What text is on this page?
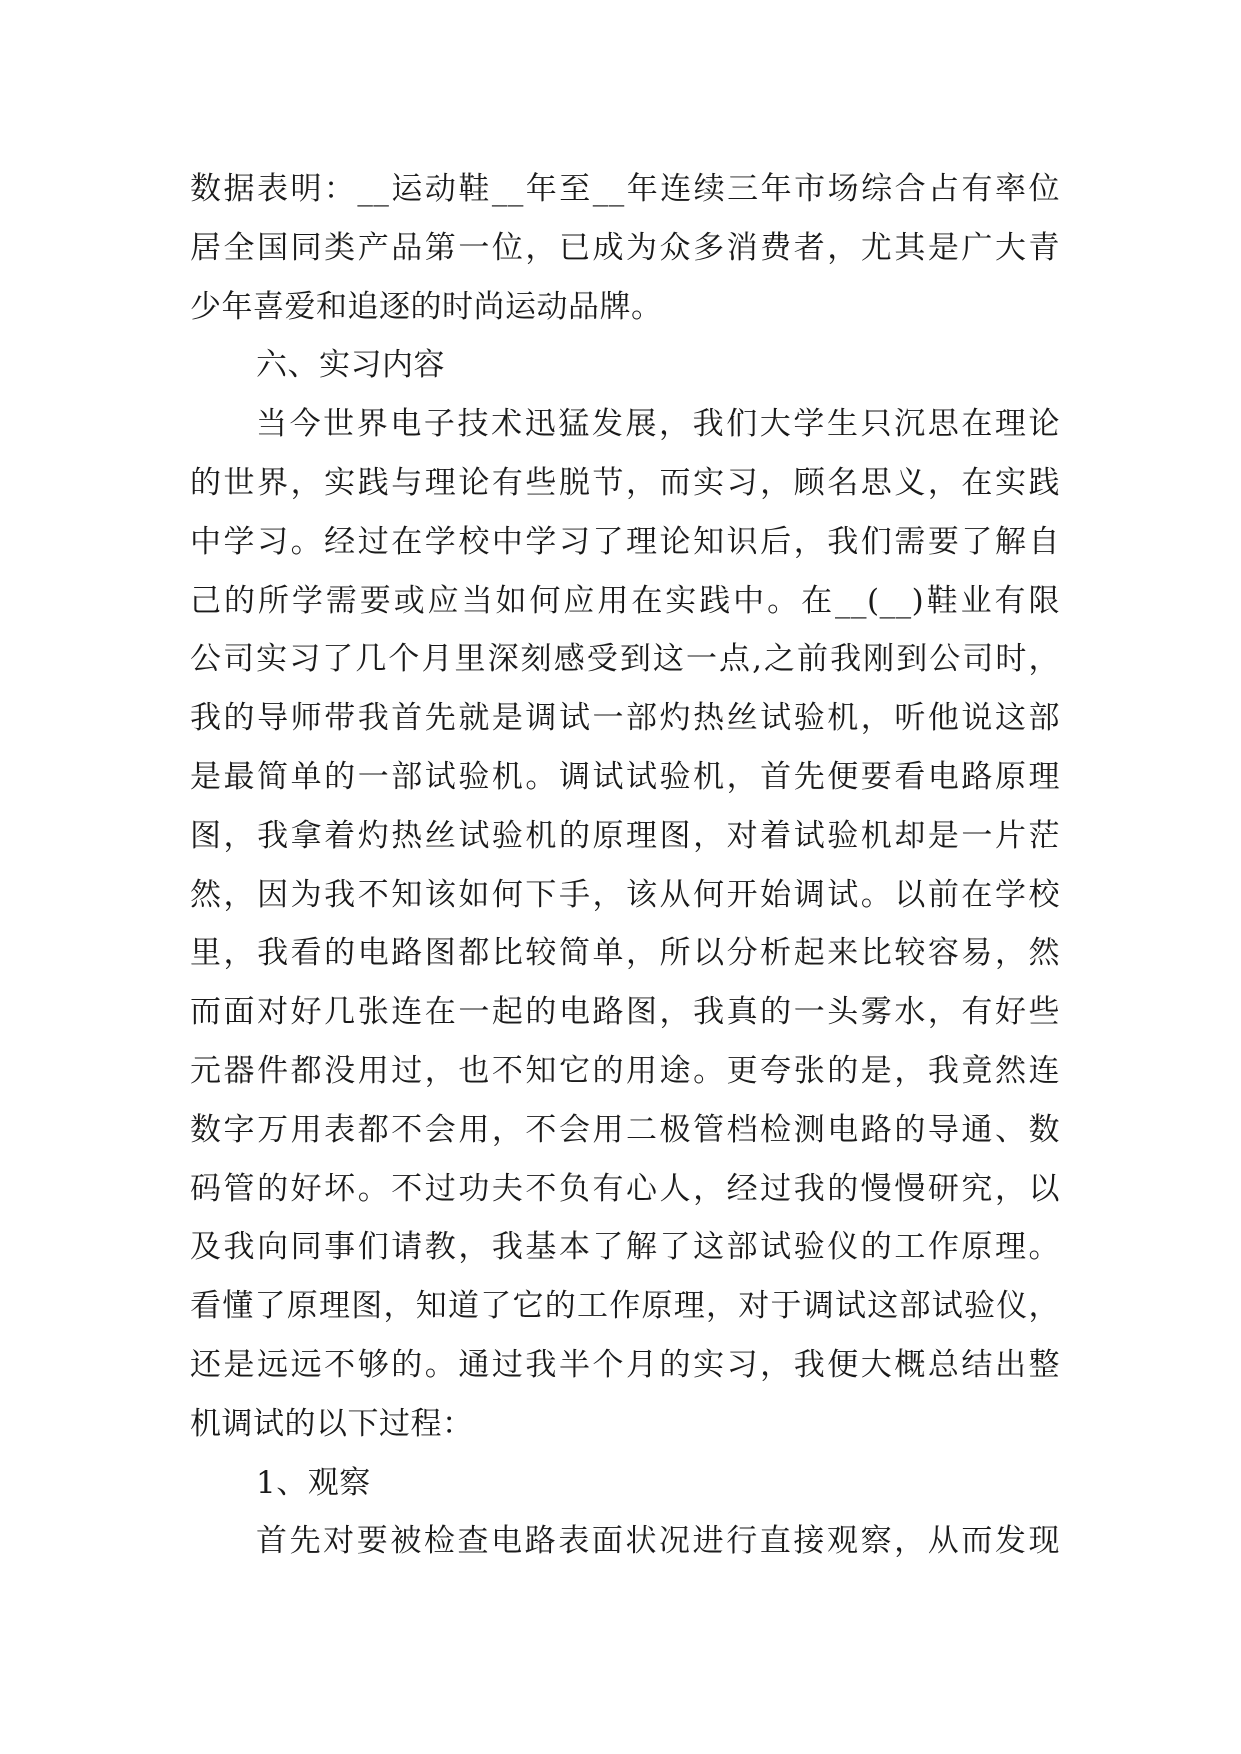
数据表明：__运动鞋__年至__年连续三年市场综合占有率位
居全国同类产品第一位，已成为众多消费者，尤其是广大青
少年喜爱和追逐的时尚运动品牌。
六、实习内容
当今世界电子技术迅猛发展，我们大学生只沉思在理论
的世界，实践与理论有些脱节，而实习，顾名思义，在实践
中学习。经过在学校中学习了理论知识后，我们需要了解自
己的所学需要或应当如何应用在实践中。在__(__)鞋业有限
公司实习了几个月里深刻感受到这一点,之前我刚到公司时，
我的导师带我首先就是调试一部灼热丝试验机，听他说这部
是最简单的一部试验机。调试试验机，首先便要看电路原理
图，我拿着灼热丝试验机的原理图，对着试验机却是一片茫
然，因为我不知该如何下手，该从何开始调试。以前在学校
里，我看的电路图都比较简单，所以分析起来比较容易，然
而面对好几张连在一起的电路图，我真的一头雾水，有好些
元器件都没用过，也不知它的用途。更夸张的是，我竟然连
数字万用表都不会用，不会用二极管档检测电路的导通、数
码管的好坏。不过功夫不负有心人，经过我的慢慢研究，以
及我向同事们请教，我基本了解了这部试验仪的工作原理。
看懂了原理图，知道了它的工作原理，对于调试这部试验仪，
还是远远不够的。通过我半个月的实习，我便大概总结出整
机调试的以下过程：
1、观察
首先对要被检查电路表面状况进行直接观察，从而发现
